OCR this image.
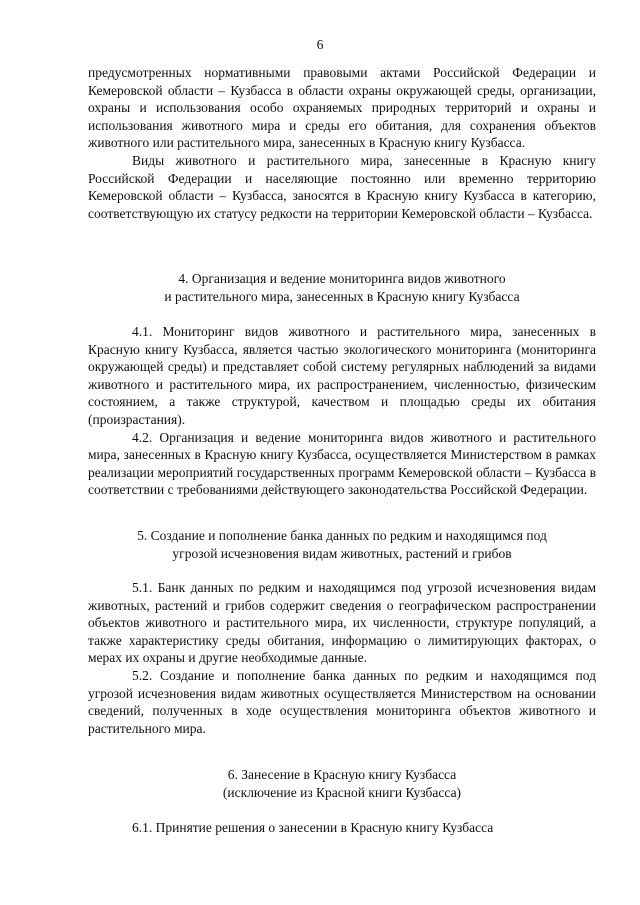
6

предусмотренных нормативными правовыми актами Российской Федерации и Кемеровской области – Кузбасса в области охраны окружающей среды, организации, охраны и использования особо охраняемых природных территорий и охраны и использования животного мира и среды его обитания, для сохранения объектов животного или растительного мира, занесенных в Красную книгу Кузбасса.

Виды животного и растительного мира, занесенные в Красную книгу Российской Федерации и населяющие постоянно или временно территорию Кемеровской области – Кузбасса, заносятся в Красную книгу Кузбасса в категорию, соответствующую их статусу редкости на территории Кемеровской области – Кузбасса.

4. Организация и ведение мониторинга видов животного
и растительного мира, занесенных в Красную книгу Кузбасса

4.1. Мониторинг видов животного и растительного мира, занесенных в Красную книгу Кузбасса, является частью экологического мониторинга (мониторинга окружающей среды) и представляет собой систему регулярных наблюдений за видами животного и растительного мира, их распространением, численностью, физическим состоянием, а также структурой, качеством и площадью среды их обитания (произрастания).

4.2. Организация и ведение мониторинга видов животного и растительного мира, занесенных в Красную книгу Кузбасса, осуществляется Министерством в рамках реализации мероприятий государственных программ Кемеровской области – Кузбасса в соответствии с требованиями действующего законодательства Российской Федерации.

5. Создание и пополнение банка данных по редким и находящимся под
угрозой исчезновения видам животных, растений и грибов

5.1. Банк данных по редким и находящимся под угрозой исчезновения видам животных, растений и грибов содержит сведения о географическом распространении объектов животного и растительного мира, их численности, структуре популяций, а также характеристику среды обитания, информацию о лимитирующих факторах, о мерах их охраны и другие необходимые данные.

5.2. Создание и пополнение банка данных по редким и находящимся под угрозой исчезновения видам животных осуществляется Министерством на основании сведений, полученных в ходе осуществления мониторинга объектов животного и растительного мира.

6. Занесение в Красную книгу Кузбасса
(исключение из Красной книги Кузбасса)

6.1. Принятие решения о занесении в Красную книгу Кузбасса
